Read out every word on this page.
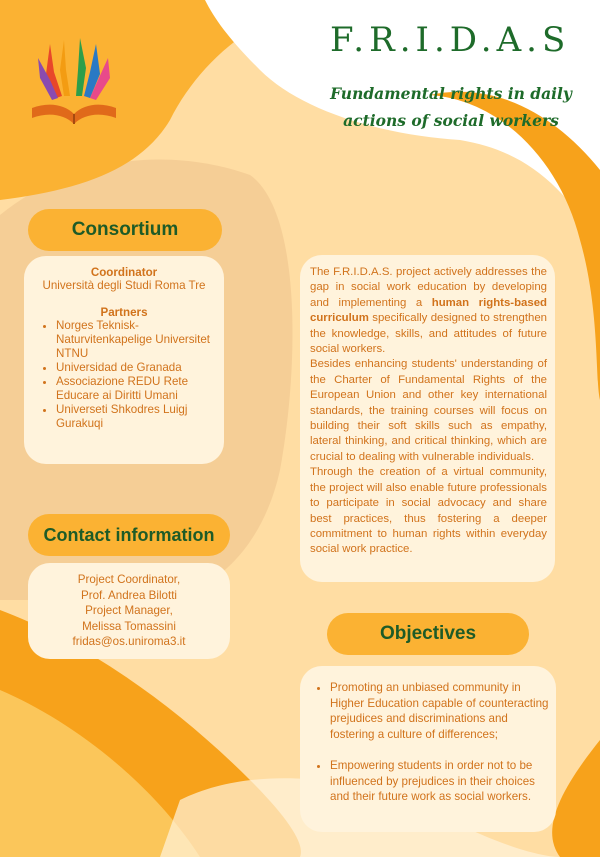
F.R.I.D.A.S
Fundamental rights in daily
actions of social workers
Consortium
Coordinator
Università degli Studi Roma Tre
Partners
• Norges Teknisk-Naturvitenkapelige Universitet NTNU
• Universidad de Granada
• Associazione REDU Rete Educare ai Diritti Umani
• Universeti Shkodres Luigj Gurakuqi
Contact information
Project Coordinator,
Prof. Andrea Bilotti
Project Manager,
Melissa Tomassini
fridas@os.uniroma3.it

The F.R.I.D.A.S. project actively addresses the gap in social work education by developing and implementing a human rights-based curriculum specifically designed to strengthen the knowledge, skills, and attitudes of future social workers.

Besides enhancing students' understanding of the Charter of Fundamental Rights of the European Union and other key international standards, the training courses will focus on building their soft skills such as empathy, lateral thinking, and critical thinking, which are crucial to dealing with vulnerable individuals.

Through the creation of a virtual community, the project will also enable future professionals to participate in social advocacy and share best practices, thus fostering a deeper commitment to human rights within everyday social work practice.

Objectives
• Promoting an unbiased community in Higher Education capable of counteracting prejudices and discriminations and fostering a culture of differences;
• Empowering students in order not to be influenced by prejudices in their choices and their future work as social workers.
